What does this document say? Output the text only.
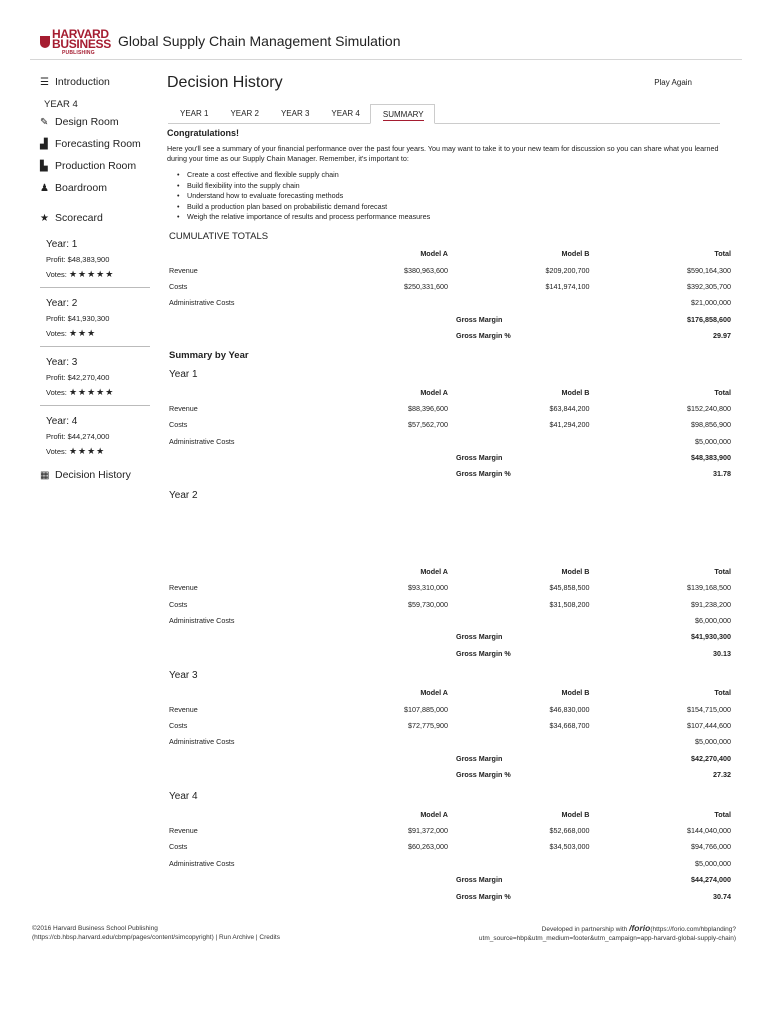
HARVARD
BUSINESS
PUBLISHING
Global Supply Chain Management Simulation
☰ Introduction
YEAR 4
✎ Design Room
▟ Forecasting Room
▙ Production Room
♟ Boardroom
★ Scorecard
Year: 1
Profit: $48,383,900
Votes: ★★★★★
Year: 2
Profit: $41,930,300
Votes: ★★★
Year: 3
Profit: $42,270,400
Votes: ★★★★★
Year: 4
Profit: $44,274,000
Votes: ★★★★
▦ Decision History
Decision History	Play Again
YEAR 1	YEAR 2	YEAR 3	YEAR 4	SUMMARY
Congratulations!
Here you'll see a summary of your financial performance over the past four years. You may want to take it to your new team for discussion so you can share what you learned during your time as our Supply Chain Manager. Remember, it's important to:
• Create a cost effective and flexible supply chain
• Build flexibility into the supply chain
• Understand how to evaluate forecasting methods
• Build a production plan based on probabilistic demand forecast
• Weigh the relative importance of results and process performance measures
CUMULATIVE TOTALS
	Model A	Model B	Total
Revenue	$380,963,600	$209,200,700	$590,164,300
Costs	$250,331,600	$141,974,100	$392,305,700
Administrative Costs			$21,000,000
		Gross Margin	$176,858,600
		Gross Margin %	29.97
Summary by Year
Year 1
	Model A	Model B	Total
Revenue	$88,396,600	$63,844,200	$152,240,800
Costs	$57,562,700	$41,294,200	$98,856,900
Administrative Costs			$5,000,000
		Gross Margin	$48,383,900
		Gross Margin %	31.78
Year 2
	Model A	Model B	Total
Revenue	$93,310,000	$45,858,500	$139,168,500
Costs	$59,730,000	$31,508,200	$91,238,200
Administrative Costs			$6,000,000
		Gross Margin	$41,930,300
		Gross Margin %	30.13
Year 3
	Model A	Model B	Total
Revenue	$107,885,000	$46,830,000	$154,715,000
Costs	$72,775,900	$34,668,700	$107,444,600
Administrative Costs			$5,000,000
		Gross Margin	$42,270,400
		Gross Margin %	27.32
Year 4
	Model A	Model B	Total
Revenue	$91,372,000	$52,668,000	$144,040,000
Costs	$60,263,000	$34,503,000	$94,766,000
Administrative Costs			$5,000,000
		Gross Margin	$44,274,000
		Gross Margin %	30.74
©2016 Harvard Business School Publishing
(https://cb.hbsp.harvard.edu/cbmp/pages/content/simcopyright) | Run Archive | Credits
Developed in partnership with /forio(https://forio.com/hbplanding?
utm_source=hbp&utm_medium=footer&utm_campaign=app-harvard-global-supply-chain)
